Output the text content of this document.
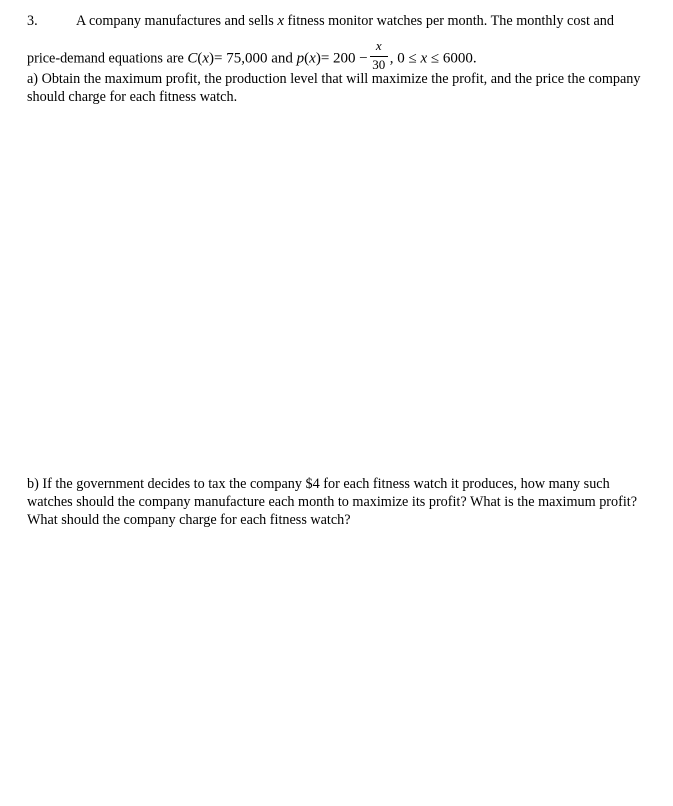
3.	A company manufactures and sells x fitness monitor watches per month. The monthly cost and
price-demand equations are C(x)= 75,000 and $p(x)= 200 - \frac{x}{30}$ , 0 ≤ x ≤ 6000.
a) Obtain the maximum profit, the production level that will maximize the profit, and the price the company should charge for each fitness watch.
b) If the government decides to tax the company $4 for each fitness watch it produces, how many such watches should the company manufacture each month to maximize its profit? What is the maximum profit? What should the company charge for each fitness watch?
